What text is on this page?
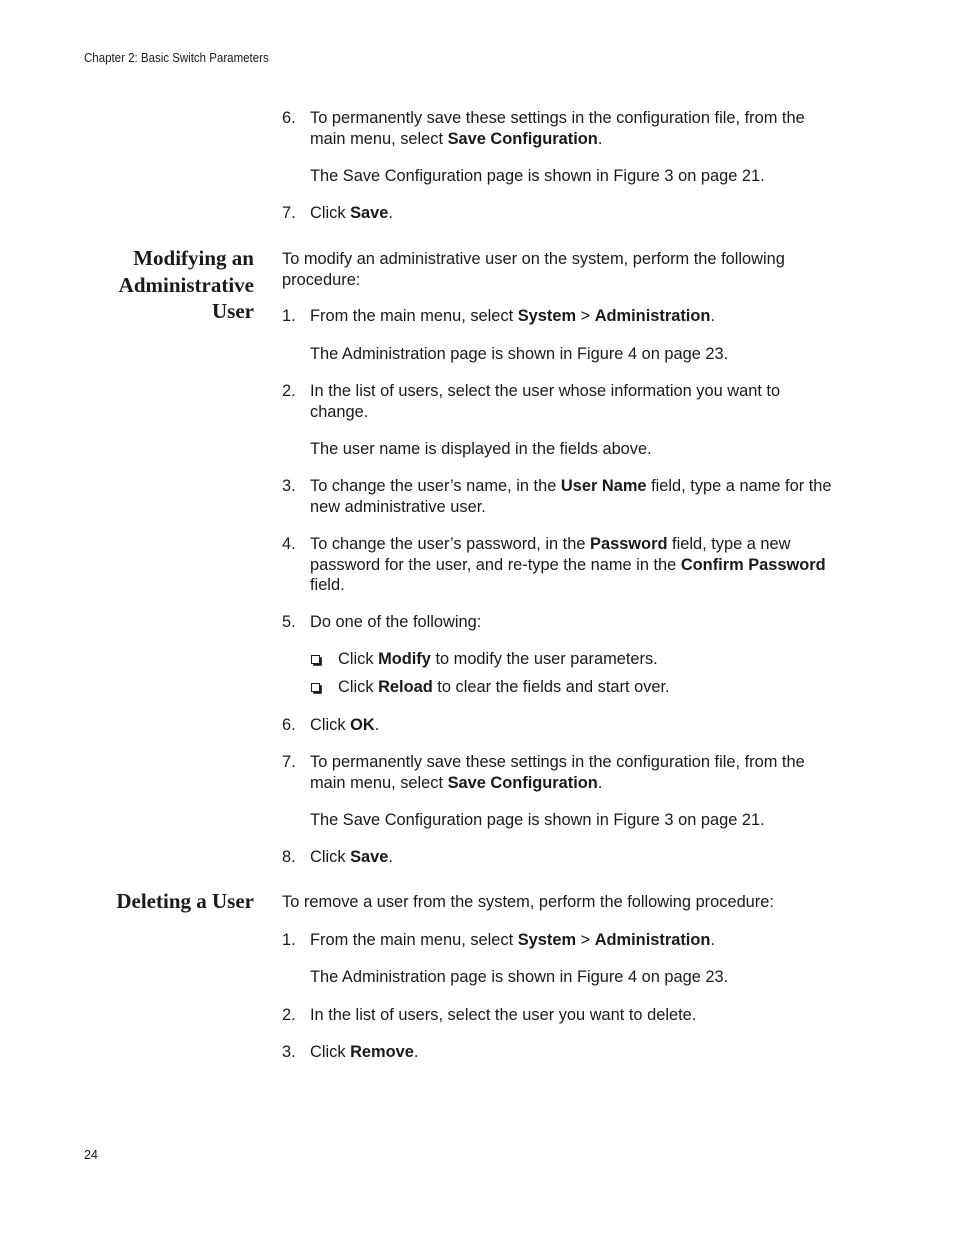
Chapter 2: Basic Switch Parameters
6. To permanently save these settings in the configuration file, from the main menu, select Save Configuration.
The Save Configuration page is shown in Figure 3 on page 21.
7. Click Save.
Modifying an
Administrative
User
To modify an administrative user on the system, perform the following procedure:
1. From the main menu, select System > Administration.
The Administration page is shown in Figure 4 on page 23.
2. In the list of users, select the user whose information you want to change.
The user name is displayed in the fields above.
3. To change the user’s name, in the User Name field, type a name for the new administrative user.
4. To change the user’s password, in the Password field, type a new password for the user, and re-type the name in the Confirm Password field.
5. Do one of the following:
Click Modify to modify the user parameters.
Click Reload to clear the fields and start over.
6. Click OK.
7. To permanently save these settings in the configuration file, from the main menu, select Save Configuration.
The Save Configuration page is shown in Figure 3 on page 21.
8. Click Save.
Deleting a User To remove a user from the system, perform the following procedure:
1. From the main menu, select System > Administration.
The Administration page is shown in Figure 4 on page 23.
2. In the list of users, select the user you want to delete.
3. Click Remove.
24
